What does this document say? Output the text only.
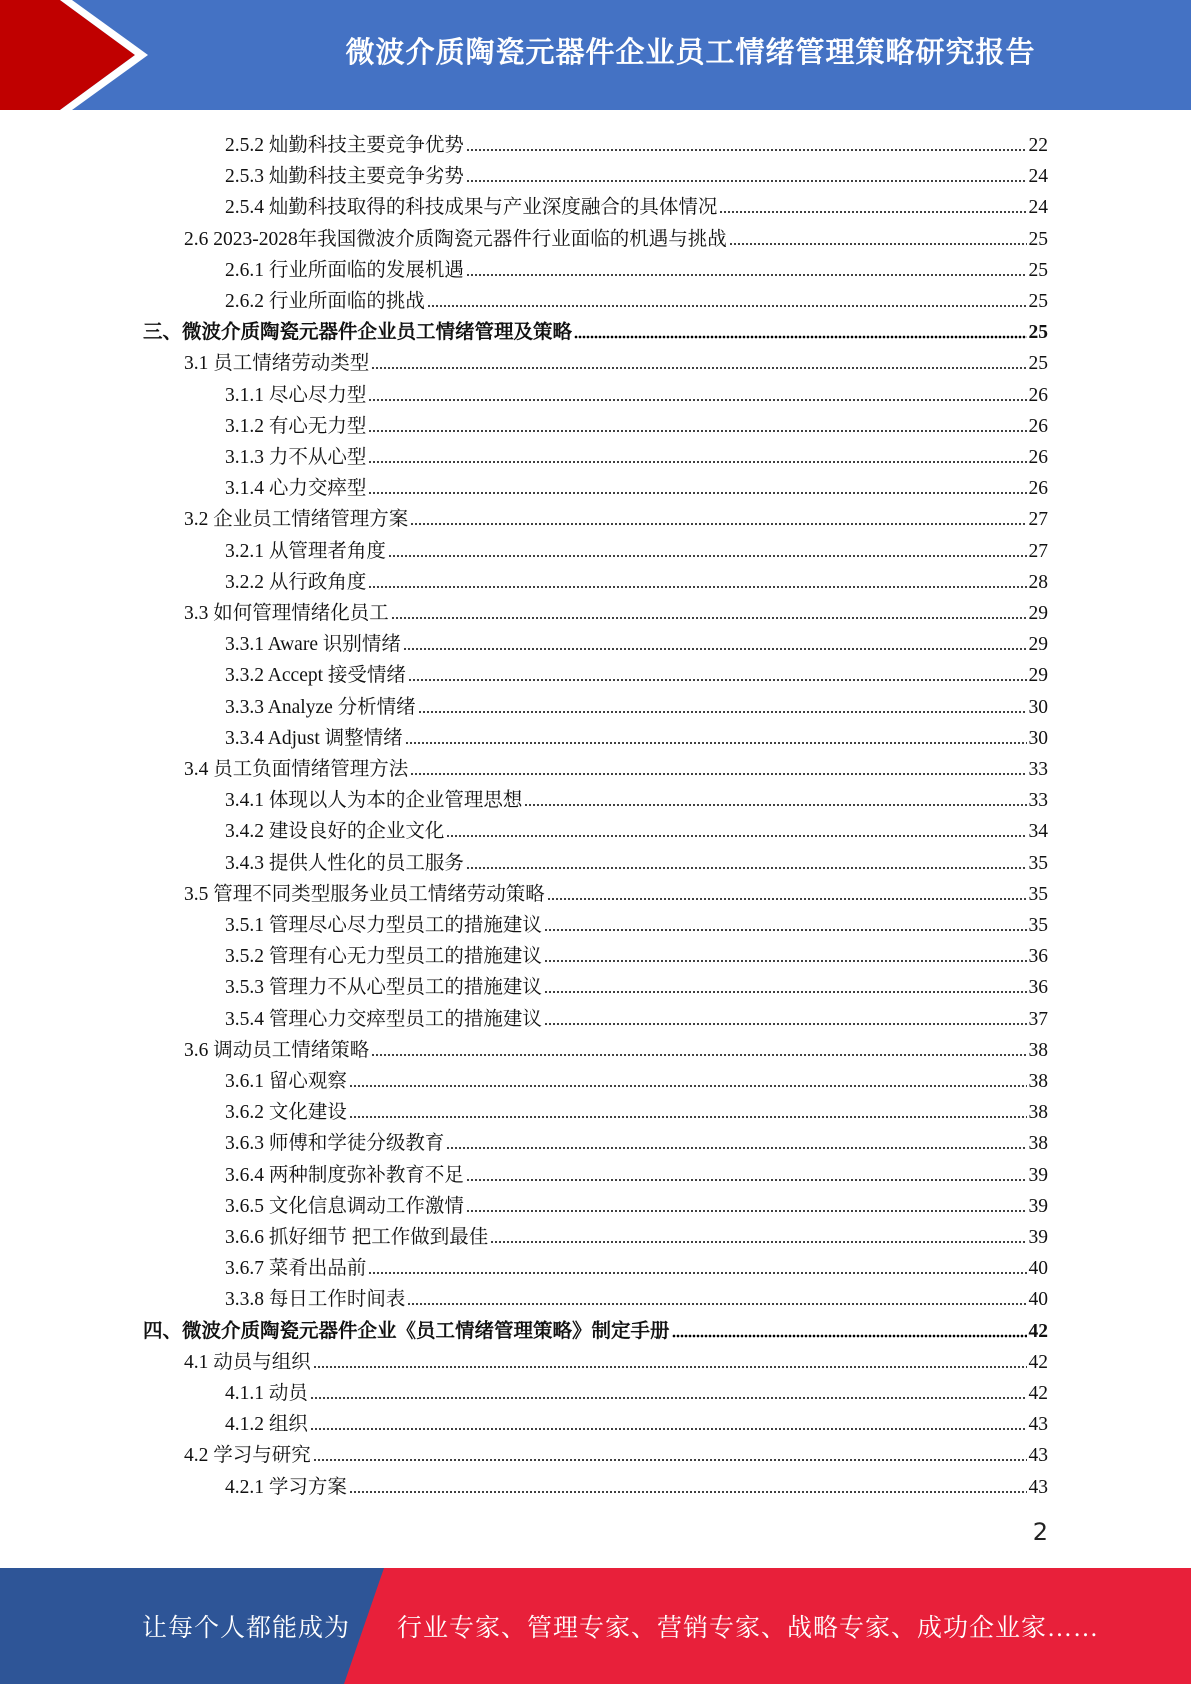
微波介质陶瓷元器件企业员工情绪管理策略研究报告
2.5.2 灿勤科技主要竞争优势	22
2.5.3 灿勤科技主要竞争劣势	24
2.5.4 灿勤科技取得的科技成果与产业深度融合的具体情况	24
2.6 2023-2028年我国微波介质陶瓷元器件行业面临的机遇与挑战	25
2.6.1 行业所面临的发展机遇	25
2.6.2 行业所面临的挑战	25
三、微波介质陶瓷元器件企业员工情绪管理及策略	25
3.1 员工情绪劳动类型	25
3.1.1 尽心尽力型	26
3.1.2 有心无力型	26
3.1.3 力不从心型	26
3.1.4 心力交瘁型	26
3.2 企业员工情绪管理方案	27
3.2.1 从管理者角度	27
3.2.2 从行政角度	28
3.3 如何管理情绪化员工	29
3.3.1 Aware 识别情绪	29
3.3.2 Accept 接受情绪	29
3.3.3 Analyze 分析情绪	30
3.3.4 Adjust 调整情绪	30
3.4 员工负面情绪管理方法	33
3.4.1 体现以人为本的企业管理思想	33
3.4.2 建设良好的企业文化	34
3.4.3 提供人性化的员工服务	35
3.5 管理不同类型服务业员工情绪劳动策略	35
3.5.1 管理尽心尽力型员工的措施建议	35
3.5.2 管理有心无力型员工的措施建议	36
3.5.3 管理力不从心型员工的措施建议	36
3.5.4 管理心力交瘁型员工的措施建议	37
3.6 调动员工情绪策略	38
3.6.1 留心观察	38
3.6.2 文化建设	38
3.6.3 师傅和学徒分级教育	38
3.6.4 两种制度弥补教育不足	39
3.6.5 文化信息调动工作激情	39
3.6.6 抓好细节 把工作做到最佳	39
3.6.7 菜肴出品前	40
3.3.8 每日工作时间表	40
四、微波介质陶瓷元器件企业《员工情绪管理策略》制定手册	42
4.1 动员与组织	42
4.1.1 动员	42
4.1.2 组织	43
4.2 学习与研究	43
4.2.1 学习方案	43
2
让每个人都能成为 行业专家、管理专家、营销专家、战略专家、成功企业家……
